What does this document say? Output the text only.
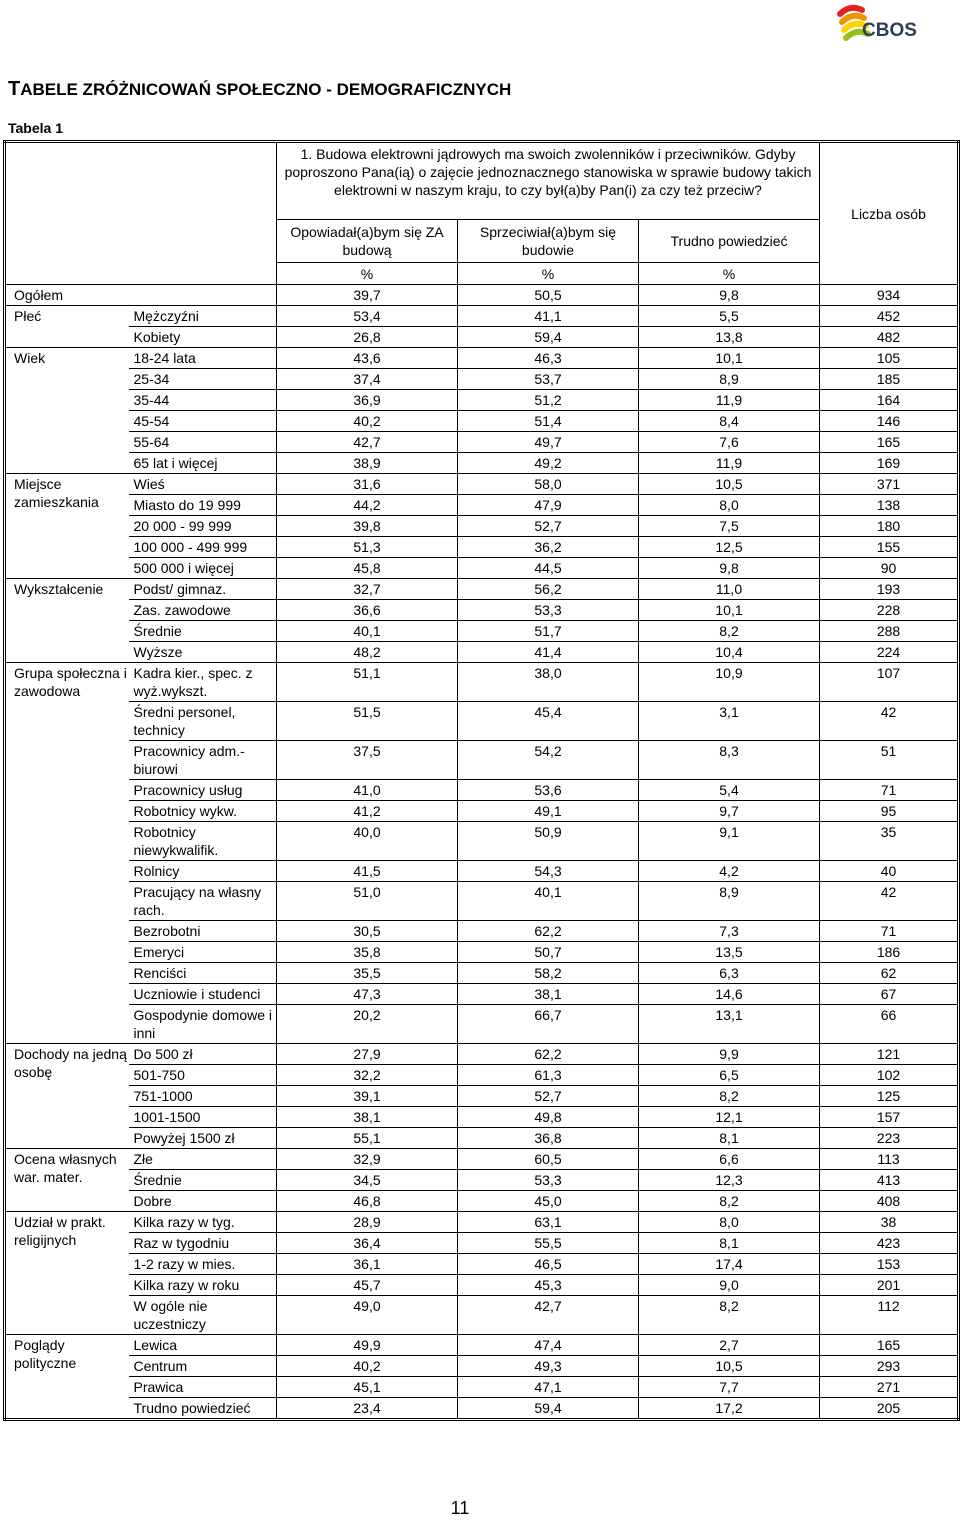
CBOS
TABELE ZRÓŻNICOWAŃ SPOŁECZNO - DEMOGRAFICZNYCH
Tabela 1
		1. Budowa elektrowni jądrowych ma swoich zwolenników i przeciwników. Gdyby poproszono Pana(ią) o zajęcie jednoznacznego stanowiska w sprawie budowy takich elektrowni w naszym kraju, to czy był(a)by Pan(i) za czy też przeciw?			Liczba osób
		Opowiadał(a)bym się ZA budową	Sprzeciwiał(a)bym się budowie	Trudno powiedzieć	
		%	%	%	
Ogółem		39,7	50,5	9,8	934
Płeć	Mężczyźni	53,4	41,1	5,5	452
	Kobiety	26,8	59,4	13,8	482
Wiek	18-24 lata	43,6	46,3	10,1	105
	25-34	37,4	53,7	8,9	185
	35-44	36,9	51,2	11,9	164
	45-54	40,2	51,4	8,4	146
	55-64	42,7	49,7	7,6	165
	65 lat i więcej	38,9	49,2	11,9	169
Miejsce zamieszkania	Wieś	31,6	58,0	10,5	371
	Miasto do 19 999	44,2	47,9	8,0	138
	20 000 - 99 999	39,8	52,7	7,5	180
	100 000 - 499 999	51,3	36,2	12,5	155
	500 000 i więcej	45,8	44,5	9,8	90
Wykształcenie	Podst/ gimnaz.	32,7	56,2	11,0	193
	Zas. zawodowe	36,6	53,3	10,1	228
	Średnie	40,1	51,7	8,2	288
	Wyższe	48,2	41,4	10,4	224
Grupa społeczna i zawodowa	Kadra kier., spec. z wyż.wykszt.	51,1	38,0	10,9	107
	Średni personel, technicy	51,5	45,4	3,1	42
	Pracownicy adm.-biurowi	37,5	54,2	8,3	51
	Pracownicy usług	41,0	53,6	5,4	71
	Robotnicy wykw.	41,2	49,1	9,7	95
	Robotnicy niewykwalifik.	40,0	50,9	9,1	35
	Rolnicy	41,5	54,3	4,2	40
	Pracujący na własny rach.	51,0	40,1	8,9	42
	Bezrobotni	30,5	62,2	7,3	71
	Emeryci	35,8	50,7	13,5	186
	Renciści	35,5	58,2	6,3	62
	Uczniowie i studenci	47,3	38,1	14,6	67
	Gospodynie domowe i inni	20,2	66,7	13,1	66
Dochody na jedną osobę	Do 500 zł	27,9	62,2	9,9	121
	501-750	32,2	61,3	6,5	102
	751-1000	39,1	52,7	8,2	125
	1001-1500	38,1	49,8	12,1	157
	Powyżej 1500 zł	55,1	36,8	8,1	223
Ocena własnych war. mater.	Złe	32,9	60,5	6,6	113
	Średnie	34,5	53,3	12,3	413
	Dobre	46,8	45,0	8,2	408
Udział w prakt. religijnych	Kilka razy w tyg.	28,9	63,1	8,0	38
	Raz w tygodniu	36,4	55,5	8,1	423
	1-2 razy w mies.	36,1	46,5	17,4	153
	Kilka razy w roku	45,7	45,3	9,0	201
	W ogóle nie uczestniczy	49,0	42,7	8,2	112
Poglądy polityczne	Lewica	49,9	47,4	2,7	165
	Centrum	40,2	49,3	10,5	293
	Prawica	45,1	47,1	7,7	271
	Trudno powiedzieć	23,4	59,4	17,2	205
11
